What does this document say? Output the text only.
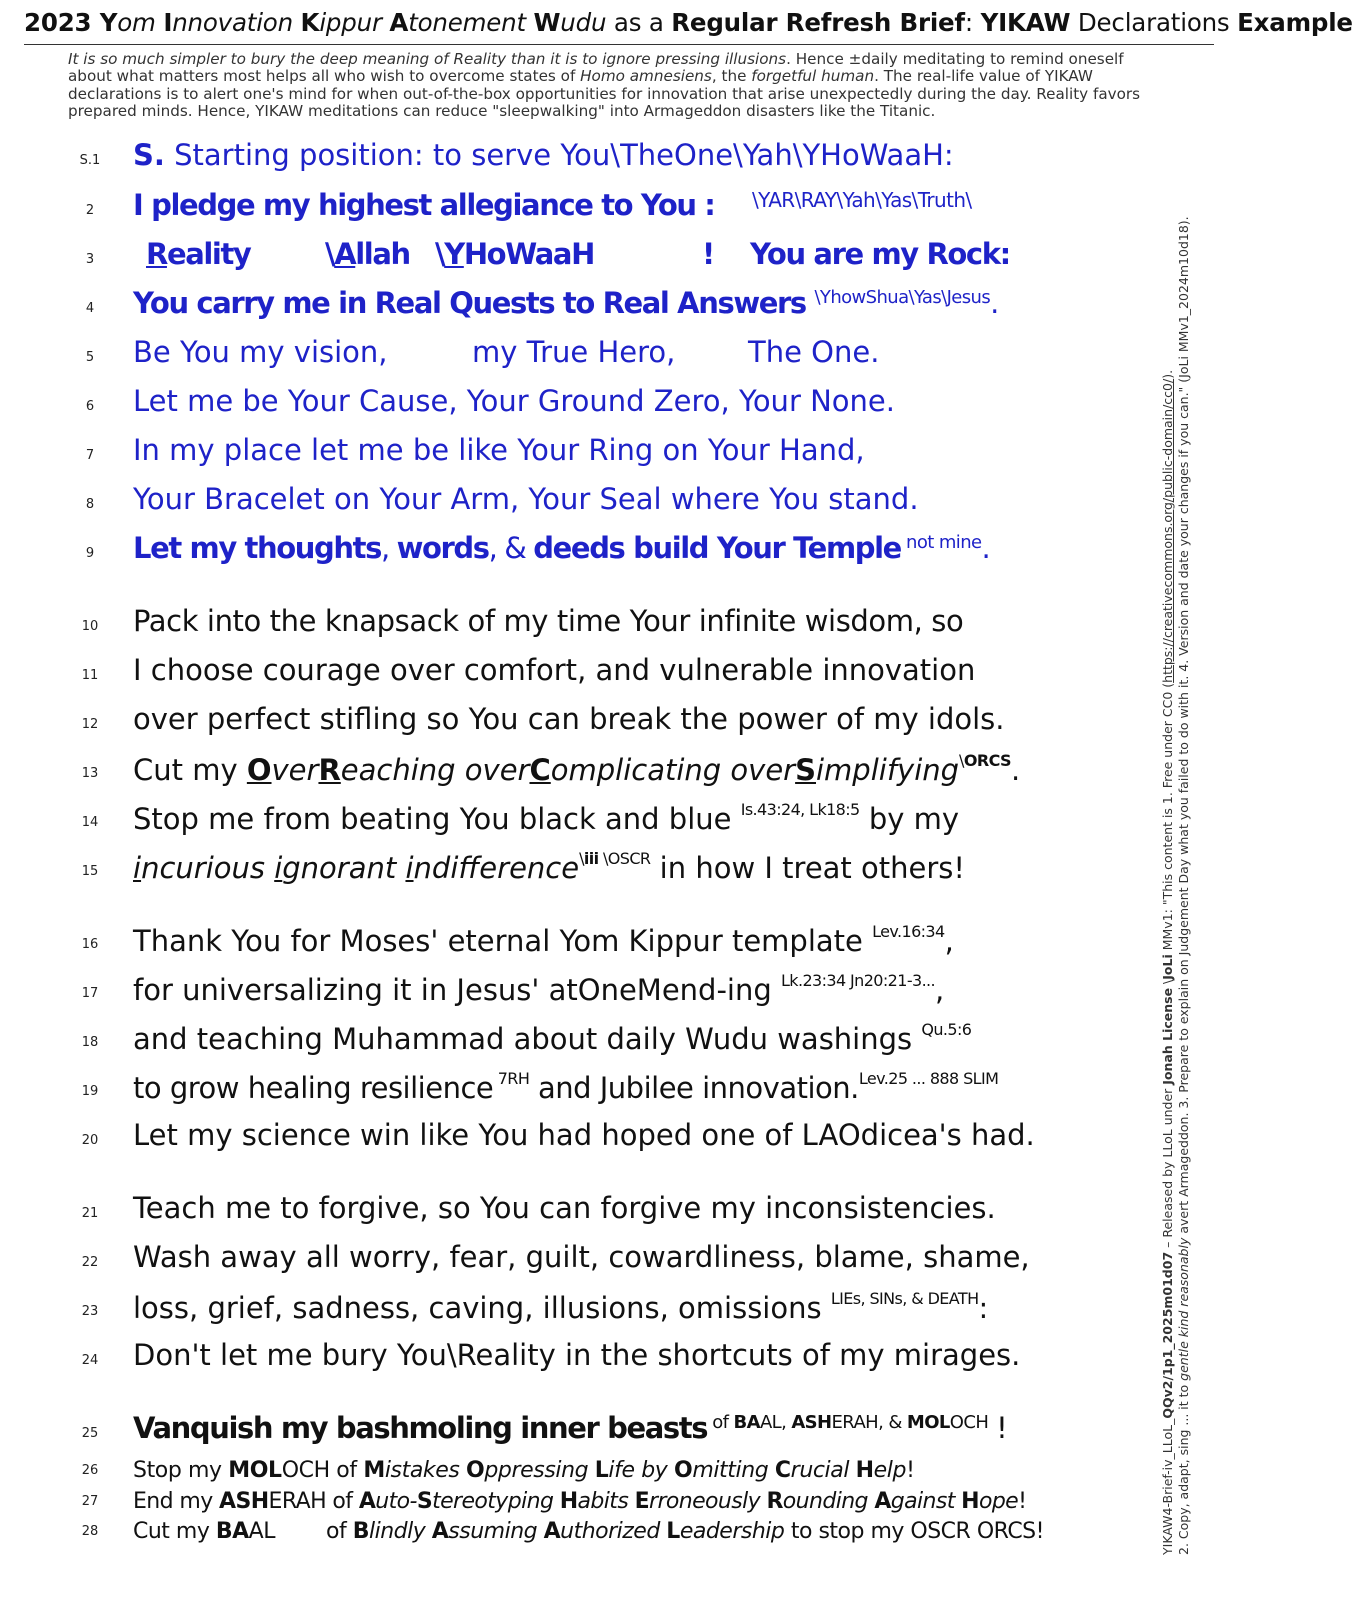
2023 Yom Innovation Kippur Atonement Wudu as a Regular Refresh Brief: YIKAW Declarations Example
It is so much simpler to bury the deep meaning of Reality than it is to ignore pressing illusions. Hence ±daily meditating to remind oneself about what matters most helps all who wish to overcome states of Homo amnesiens, the forgetful human. The real-life value of YIKAW declarations is to alert one's mind for when out-of-the-box opportunities for innovation that arise unexpectedly during the day. Reality favors prepared minds. Hence, YIKAW meditations can reduce "sleepwalking" into Armageddon disasters like the Titanic.
S.1	S. Starting position: to serve You\TheOne\Yah\YHoWaaH:
2	I pledge my highest allegiance to You : \YAR\RAY\Yah\Yas\Truth\
3	Reality	\Allah \YHoWaaH	! You are my Rock:
4	You carry me in Real Quests to Real Answers $^{\backslash YhowShua\backslash Yas\backslash Jesus}$.
5	Be You my vision,	my True Hero,	The One.
6	Let me be Your Cause, Your Ground Zero, Your None.
7	In my place let me be like Your Ring on Your Hand,
8	Your Bracelet on Your Arm, Your Seal where You stand.
9	Let my thoughts, words, & deeds build Your Temple $^{not mine}$.
10	Pack into the knapsack of my time Your infinite wisdom, so
11	I choose courage over comfort, and vulnerable innovation
12	over perfect stifling so You can break the power of my idols.
13	Cut my OverReaching overComplicating overSimplifying$^{\backslash ORCS}$.
14	Stop me from beating You black and blue $^{Is.43:24, Lk18:5}$ by my
15	incurious ignorant indifference$^{\backslash iii}$ $^{\backslash OSCR}$ in how I treat others!
16	Thank You for Moses' eternal Yom Kippur template $^{Lev.16:34}$,
17	for universalizing it in Jesus' atOneMend-ing $^{Lk.23:34 Jn20:21-3...}$,
18	and teaching Muhammad about daily Wudu washings $^{Qu.5:6}$
19	to grow healing resilience $^{7RH}$ and Jubilee innovation.$^{Lev.25 ... 888 SLIM}$
20	Let my science win like You had hoped one of LAOdicea's had.
21	Teach me to forgive, so You can forgive my inconsistencies.
22	Wash away all worry, fear, guilt, cowardliness, blame, shame,
23	loss, grief, sadness, caving, illusions, omissions $^{LIEs, SINs, \& DEATH}$:
24	Don't let me bury You\Reality in the shortcuts of my mirages.
25	Vanquish my bashmoling inner beasts $^{of}$ $^{BAAL,}$ $^{ASHERAH, \&}$ $^{MOLOCH}$ !
26	Stop my MOLOCH of Mistakes Oppressing Life by Omitting Crucial Help!
27	End my ASHERAH of Auto-Stereotyping Habits Erroneously Rounding Against Hope!
28	Cut my BAAL of Blindly Assuming Authorized Leadership to stop my OSCR ORCS!	YIKAW4-Brief-iv_LLoL_QQv2/1p1_2025m01d07 – Released by LLoL under Jonah License \JoLi MMv1: "This content is 1. Free under CC0 (https://creativecommons.org/public-domain/cc0/).
2. Copy, adapt, sing ... it to gentle kind reasonably avert Armageddon. 3. Prepare to explain on Judgement Day what you failed to do with it. 4. Version and date your changes if you can." (JoLi MMv1_2024m10d18).
